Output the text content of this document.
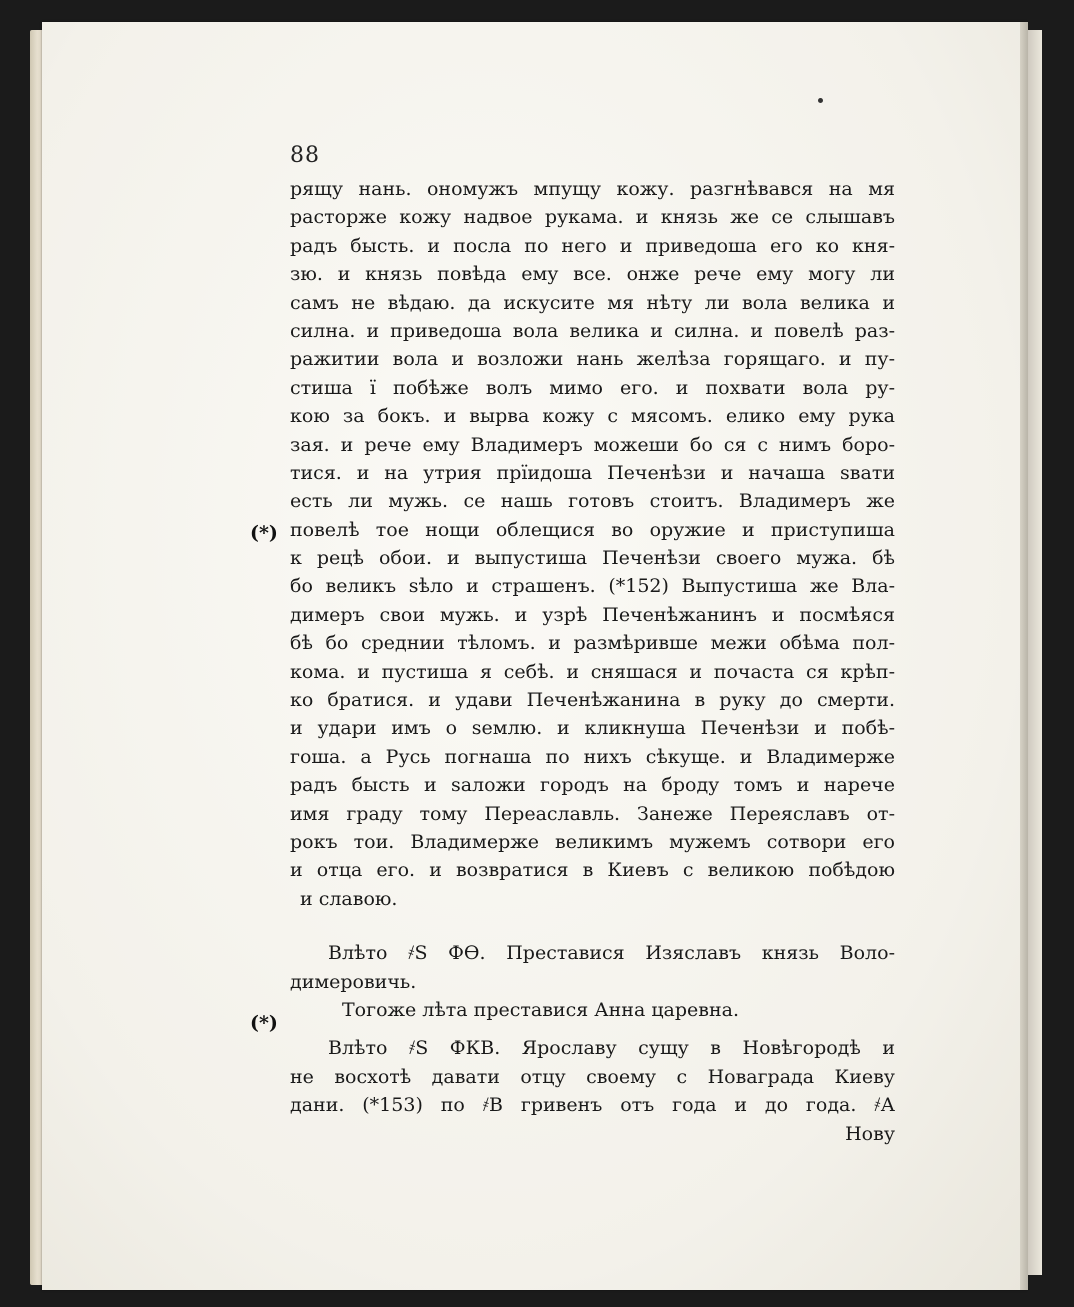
88
(*)
(*)
рящу нань. ономужъ мпущу кожу. разгнѣвався на мя
расторже кожу надвое рукама. и князь же се слышавъ
радъ бысть. и посла по него и приведоша его ко кня-
зю. и князь повѣда ему все. онже рече ему могу ли
самъ не вѣдаю. да искусите мя нѣту ли вола велика и
силна. и приведоша вола велика и силна. и повелѣ раз-
ражитии вола и возложи нань желѣза горящаго. и пу-
стиша ї побѣже волъ мимо его. и похвати вола ру-
кою за бокъ. и вырва кожу с мясомъ. елико ему рука
зая. и рече ему Владимеръ можеши бо ся с нимъ боро-
тися. и на утрия прїидоша Печенѣзи и начаша ѕвати
есть ли мужь. се нашь готовъ стоитъ. Владимеръ же
повелѣ тое нощи облещися во оружие и приступиша
к рецѣ обои. и выпустиша Печенѣзи своего мужа. бѣ
бо великъ ѕѣло и страшенъ. (*152) Выпустиша же Вла-
димеръ свои мужь. и узрѣ Печенѣжанинъ и посмѣяся
бѣ бо среднии тѣломъ. и размѣривше межи обѣма пол-
кома. и пустиша я себѣ. и сняшася и почаста ся крѣп-
ко братися. и удави Печенѣжанина в руку до смерти.
и удари имъ о ѕемлю. и кликнуша Печенѣзи и побѣ-
гоша. а Русь погнаша по нихъ сѣкуще. и Владимерже
радъ бысть и ѕаложи городъ на броду томъ и нарече
имя граду тому Переаславль. Занеже Переяславъ от-
рокъ тои. Владимерже великимъ мужемъ сотвори его
и отца его. и возвратися в Киевъ с великою побѣдою
и славою.
Влѣто ҂Ѕ ФѲ. Преставися Изяславъ князь Воло-
димеровичь.
Тогоже лѣта преставися Анна царевна.
Влѣто ҂Ѕ ФКВ. Ярославу сущу в Новѣгородѣ и
не восхотѣ давати отцу своему с Новаграда Киеву
дани. (*153) по ҂В гривенъ отъ года и до года. ҂А
Нову
